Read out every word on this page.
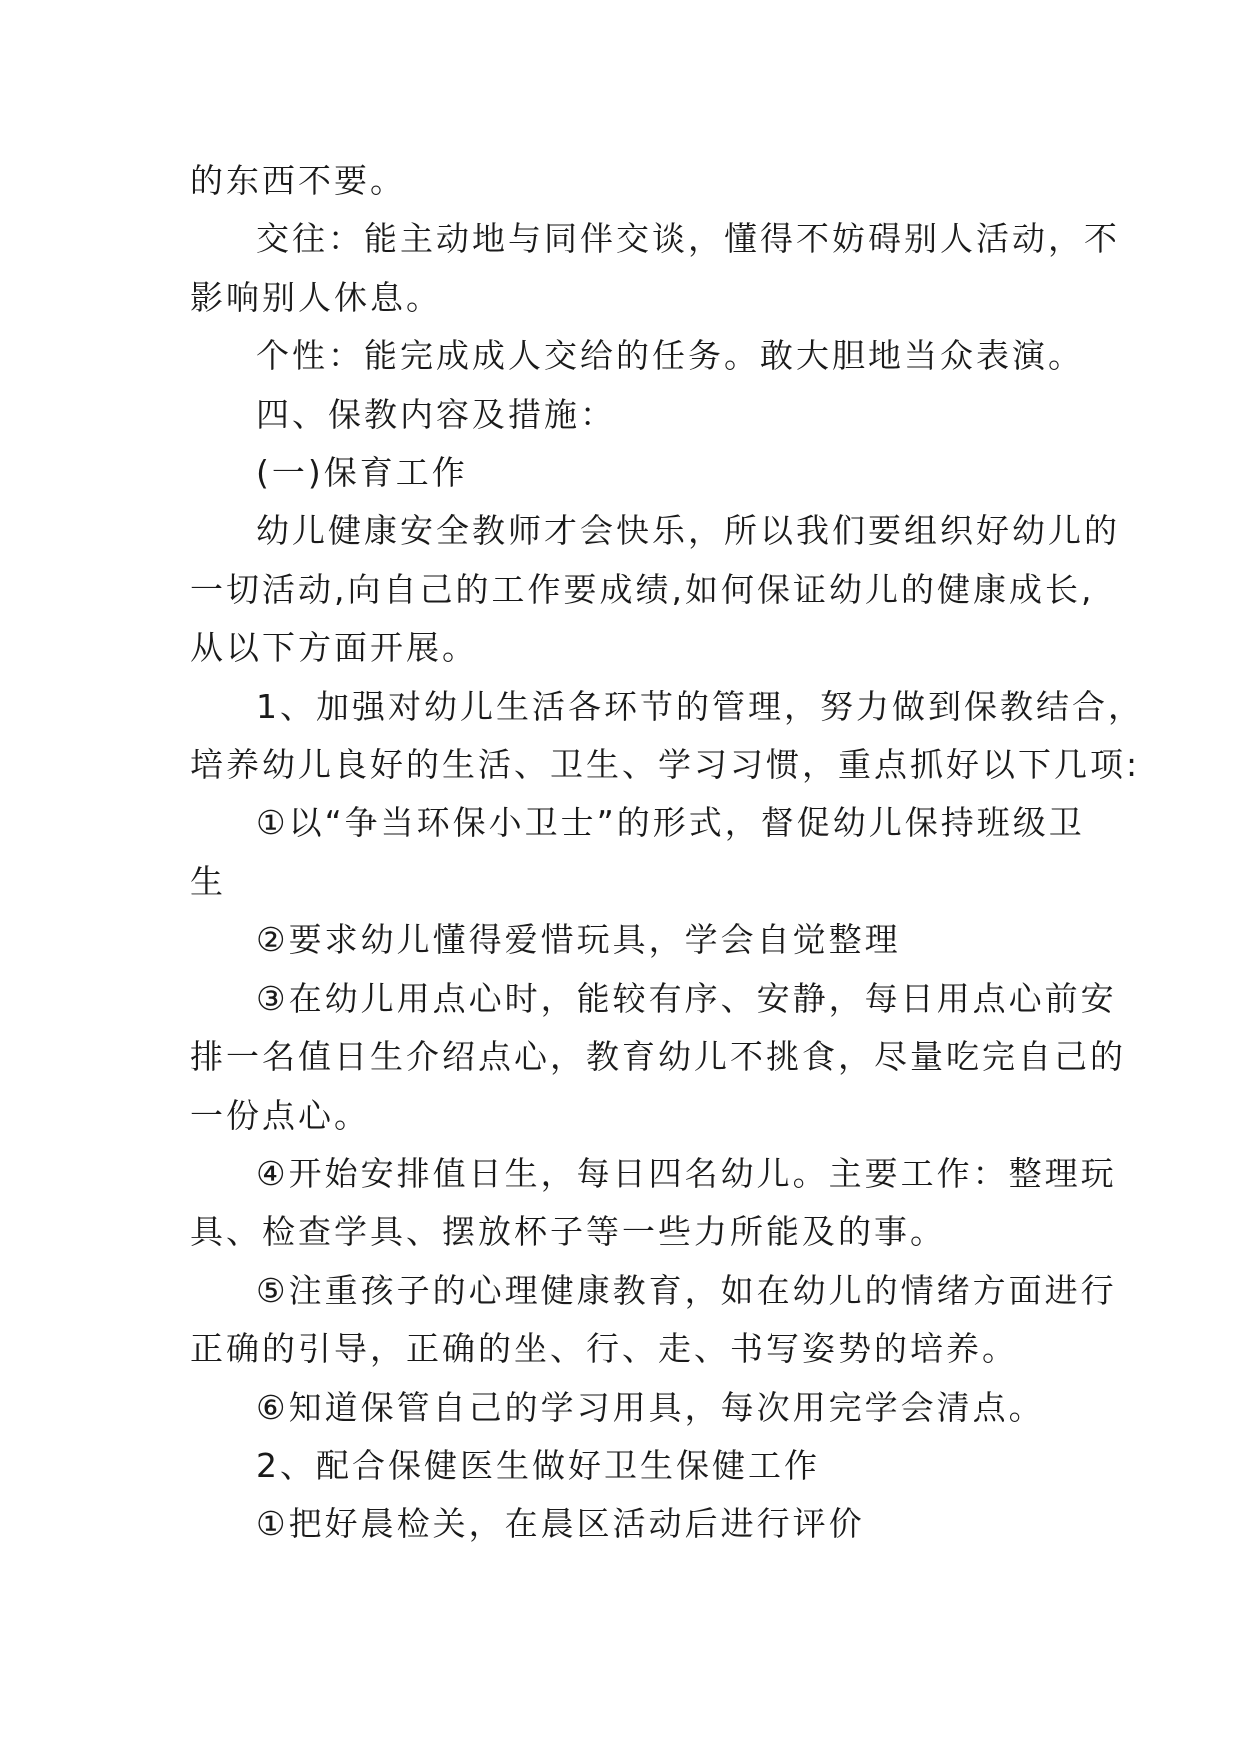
的东西不要。

交往：能主动地与同伴交谈，懂得不妨碍别人活动，不

影响别人休息。

个性：能完成成人交给的任务。敢大胆地当众表演。

四、保教内容及措施：

(一)保育工作

幼儿健康安全教师才会快乐，所以我们要组织好幼儿的

一切活动,向自己的工作要成绩,如何保证幼儿的健康成长,

从以下方面开展。

1、加强对幼儿生活各环节的管理，努力做到保教结合，

培养幼儿良好的生活、卫生、学习习惯，重点抓好以下几项:

①以“争当环保小卫士”的形式，督促幼儿保持班级卫

生

②要求幼儿懂得爱惜玩具，学会自觉整理

③在幼儿用点心时，能较有序、安静，每日用点心前安

排一名值日生介绍点心，教育幼儿不挑食，尽量吃完自己的

一份点心。

④开始安排值日生，每日四名幼儿。主要工作：整理玩

具、检查学具、摆放杯子等一些力所能及的事。

⑤注重孩子的心理健康教育，如在幼儿的情绪方面进行

正确的引导，正确的坐、行、走、书写姿势的培养。

⑥知道保管自己的学习用具，每次用完学会清点。

2、配合保健医生做好卫生保健工作

①把好晨检关，在晨区活动后进行评价
